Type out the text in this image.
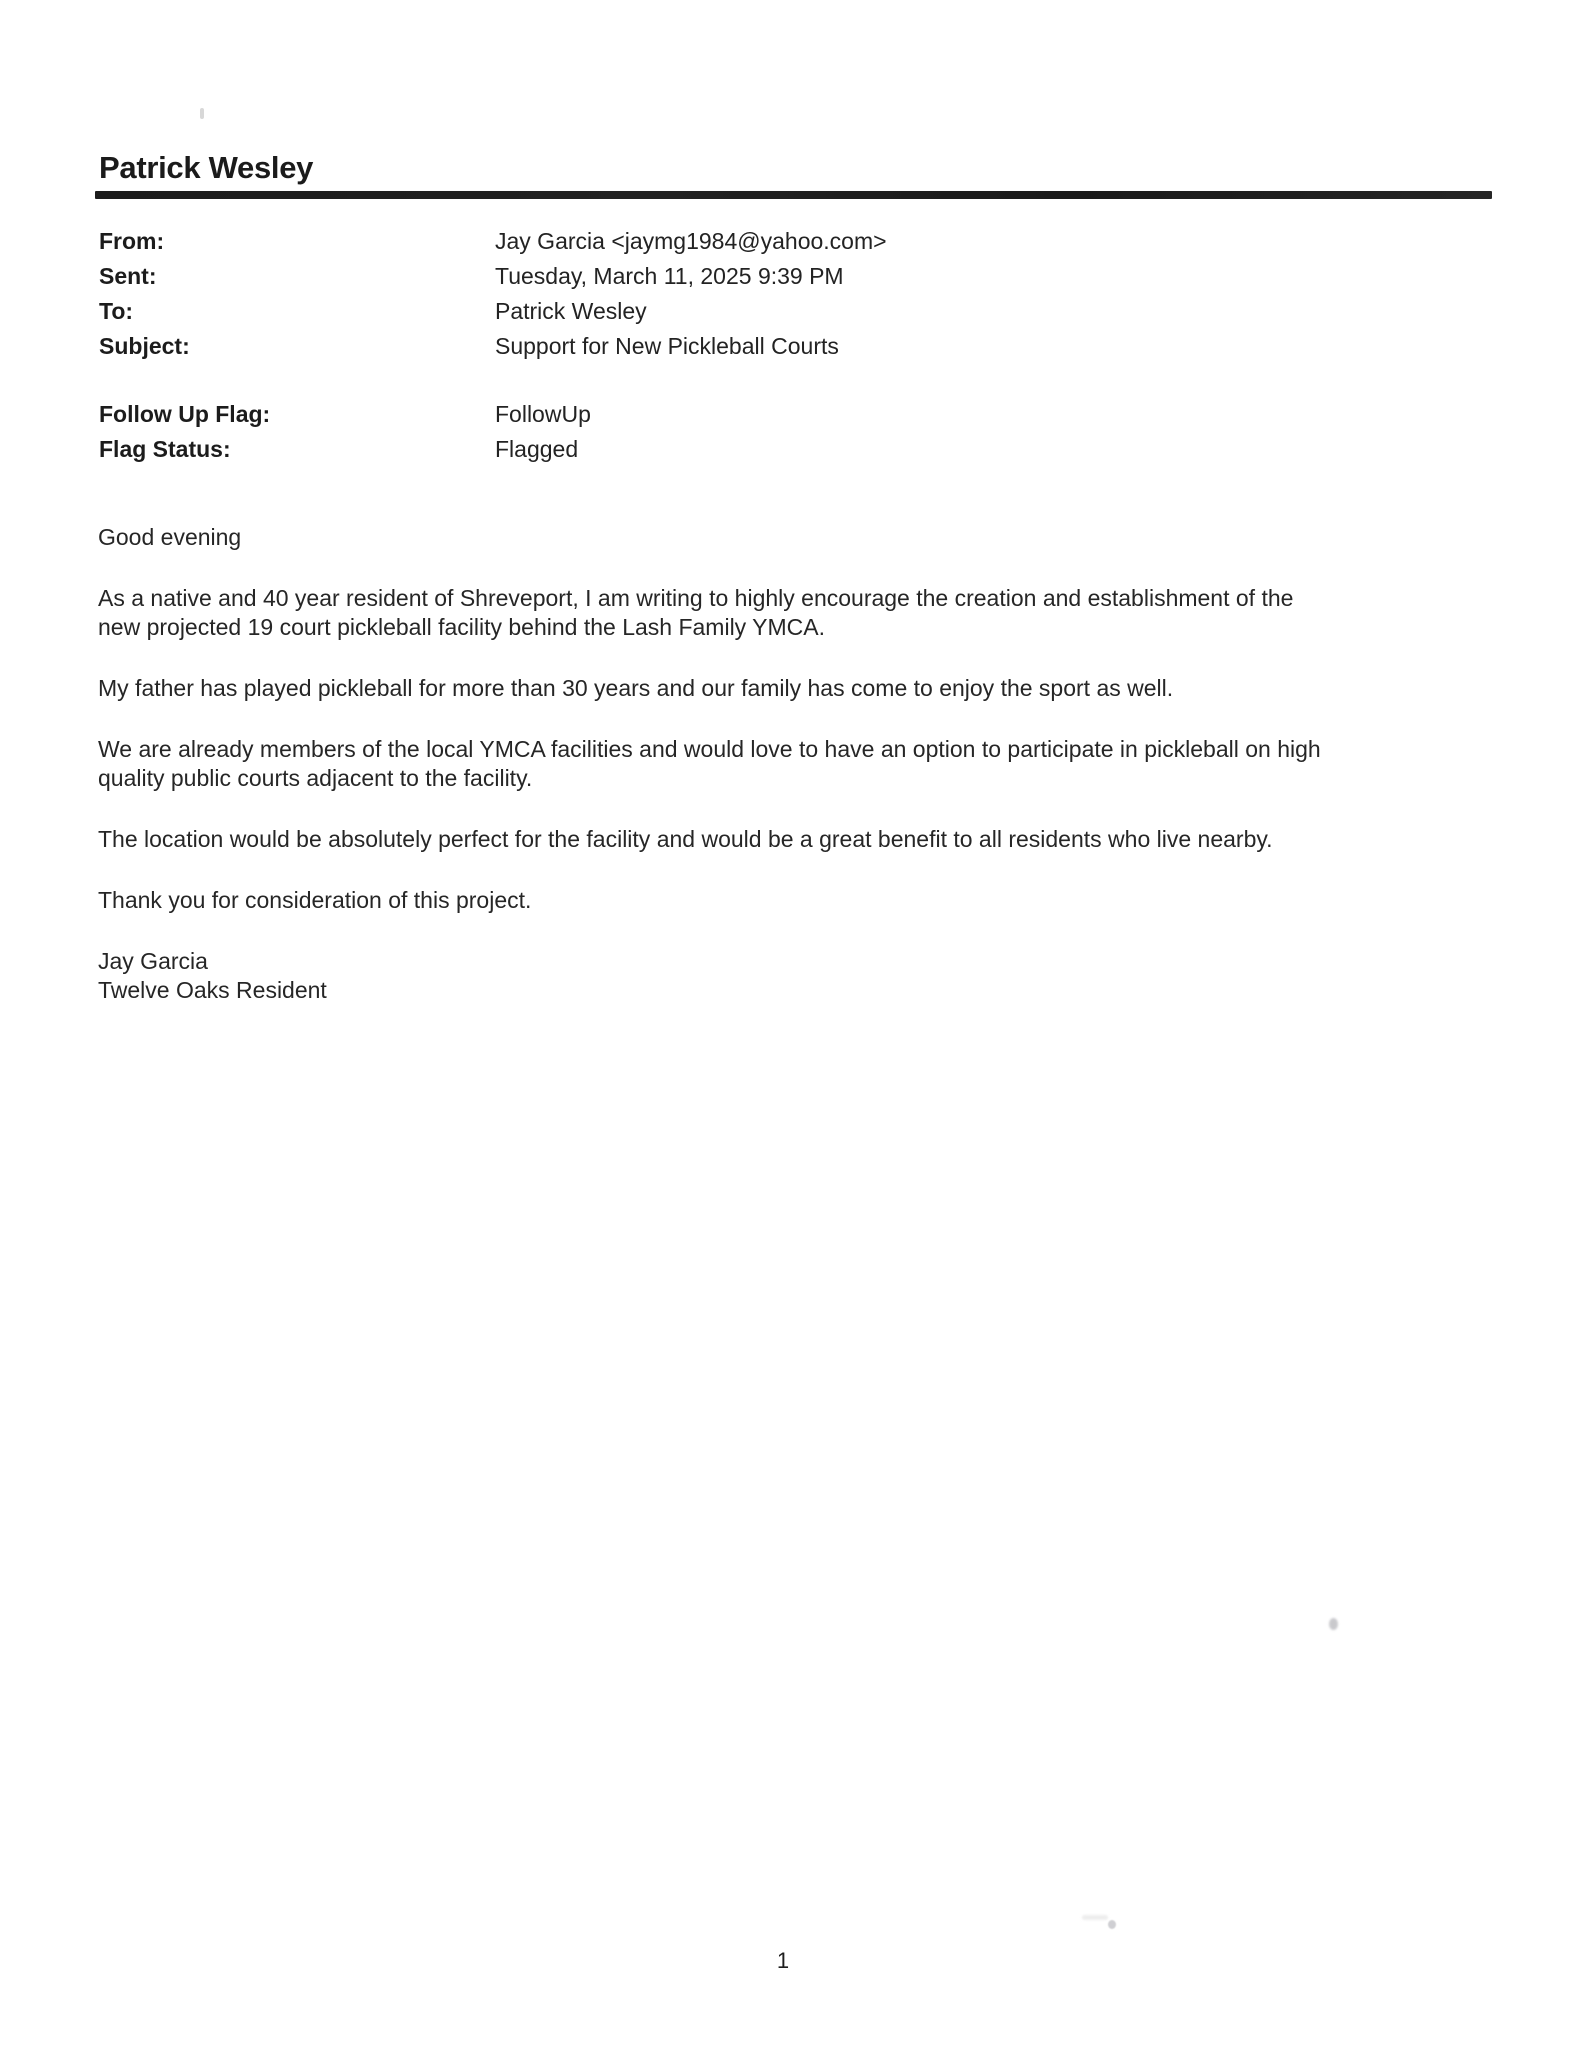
Patrick Wesley
From:	Jay Garcia <jaymg1984@yahoo.com>
Sent:	Tuesday, March 11, 2025 9:39 PM
To:	Patrick Wesley
Subject:	Support for New Pickleball Courts
Follow Up Flag:	FollowUp
Flag Status:	Flagged

Good evening

As a native and 40 year resident of Shreveport, I am writing to highly encourage the creation and establishment of the
new projected 19 court pickleball facility behind the Lash Family YMCA.

My father has played pickleball for more than 30 years and our family has come to enjoy the sport as well.

We are already members of the local YMCA facilities and would love to have an option to participate in pickleball on high
quality public courts adjacent to the facility.

The location would be absolutely perfect for the facility and would be a great benefit to all residents who live nearby.

Thank you for consideration of this project.

Jay Garcia
Twelve Oaks Resident

1
